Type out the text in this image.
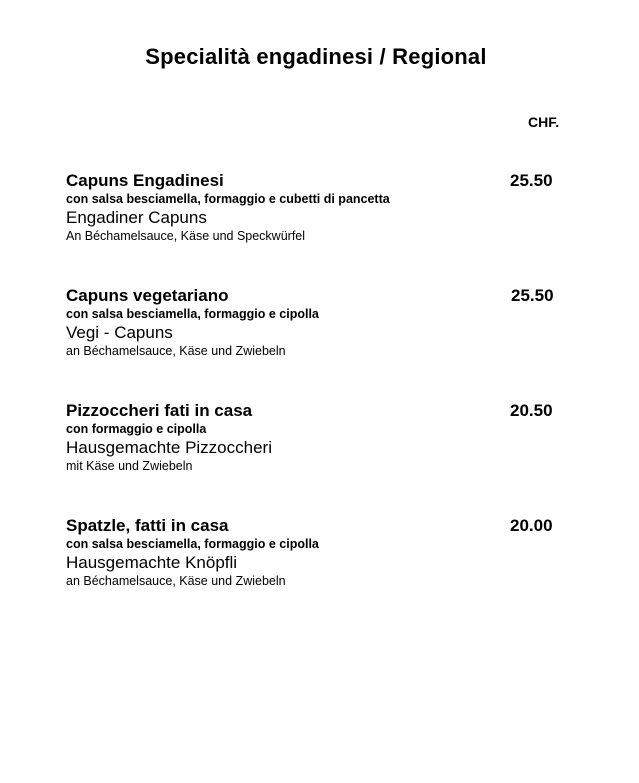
Specialità engadinesi / Regional
CHF.
Capuns Engadinesi
con salsa besciamella, formaggio e cubetti di pancetta
Engadiner Capuns
An Béchamelsauce, Käse und Speckwürfel
25.50
Capuns vegetariano
con salsa besciamella, formaggio e cipolla
Vegi - Capuns
an Béchamelsauce, Käse und Zwiebeln
25.50
Pizzoccheri fati in casa
con formaggio e cipolla
Hausgemachte Pizzoccheri
mit Käse und Zwiebeln
20.50
Spatzle, fatti in casa
con salsa besciamella, formaggio e cipolla
Hausgemachte Knöpfli
an Béchamelsauce, Käse und Zwiebeln
20.00
